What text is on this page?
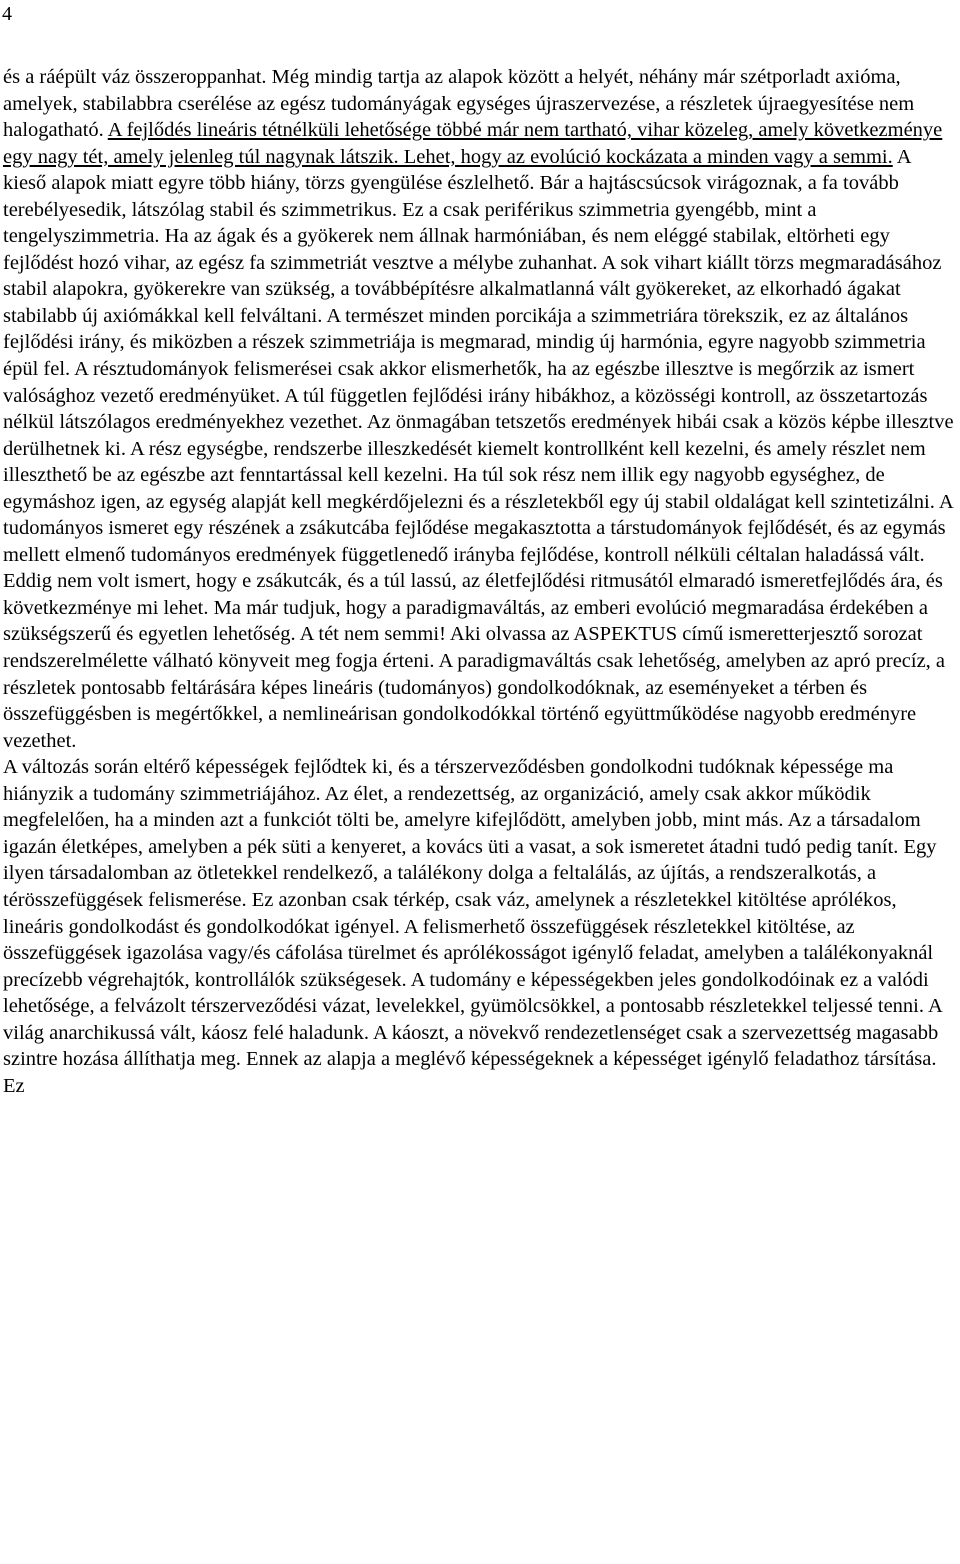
4

és a ráépült váz összeroppanhat. Még mindig tartja az alapok között a helyét, néhány már szétporladt axióma, amelyek, stabilabbra cserélése az egész tudományágak egységes újraszervezése, a részletek újraegyesítése nem halogatható. A fejlődés lineáris tétnélküli lehetősége többé már nem tartható, vihar közeleg, amely következménye egy nagy tét, amely jelenleg túl nagynak látszik. Lehet, hogy az evolúció kockázata a minden vagy a semmi. A kieső alapok miatt egyre több hiány, törzs gyengülése észlelhető. Bár a hajtáscsúcsok virágoznak, a fa tovább terebélyesedik, látszólag stabil és szimmetrikus. Ez a csak periférikus szimmetria gyengébb, mint a tengelyszimmetria. Ha az ágak és a gyökerek nem állnak harmóniában, és nem eléggé stabilak, eltörheti egy fejlődést hozó vihar, az egész fa szimmetriát vesztve a mélybe zuhanhat. A sok vihart kiállt törzs megmaradásához stabil alapokra, gyökerekre van szükség, a továbbépítésre alkalmatlanná vált gyökereket, az elkorhadó ágakat stabilabb új axiómákkal kell felváltani. A természet minden porcikája a szimmetriára törekszik, ez az általános fejlődési irány, és miközben a részek szimmetriája is megmarad, mindig új harmónia, egyre nagyobb szimmetria épül fel. A résztudományok felismerései csak akkor elismerhetők, ha az egészbe illesztve is megőrzik az ismert valósághoz vezető eredményüket. A túl független fejlődési irány hibákhoz, a közösségi kontroll, az összetartozás nélkül látszólagos eredményekhez vezethet. Az önmagában tetszetős eredmények hibái csak a közös képbe illesztve derülhetnek ki. A rész egységbe, rendszerbe illeszkedését kiemelt kontrollként kell kezelni, és amely részlet nem illeszthető be az egészbe azt fenntartással kell kezelni. Ha túl sok rész nem illik egy nagyobb egységhez, de egymáshoz igen, az egység alapját kell megkérdőjelezni és a részletekből egy új stabil oldalágat kell szintetizálni. A tudományos ismeret egy részének a zsákutcába fejlődése megakasztotta a társtudományok fejlődését, és az egymás mellett elmenő tudományos eredmények függetlenedő irányba fejlődése, kontroll nélküli céltalan haladássá vált. Eddig nem volt ismert, hogy e zsákutcák, és a túl lassú, az életfejlődési ritmusától elmaradó ismeretfejlődés ára, és következménye mi lehet. Ma már tudjuk, hogy a paradigmaváltás, az emberi evolúció megmaradása érdekében a szükségszerű és egyetlen lehetőség. A tét nem semmi! Aki olvassa az ASPEKTUS című ismeretterjesztő sorozat rendszerelmélette válható könyveit meg fogja érteni. A paradigmaváltás csak lehetőség, amelyben az apró precíz, a részletek pontosabb feltárására képes lineáris (tudományos) gondolkodóknak, az eseményeket a térben és összefüggésben is megértőkkel, a nemlineárisan gondolkodókkal történő együttműködése nagyobb eredményre vezethet.

A változás során eltérő képességek fejlődtek ki, és a térszerveződésben gondolkodni tudóknak képessége ma hiányzik a tudomány szimmetriájához. Az élet, a rendezettség, az organizáció, amely csak akkor működik megfelelően, ha a minden azt a funkciót tölti be, amelyre kifejlődött, amelyben jobb, mint más. Az a társadalom igazán életképes, amelyben a pék süti a kenyeret, a kovács üti a vasat, a sok ismeretet átadni tudó pedig tanít. Egy ilyen társadalomban az ötletekkel rendelkező, a találékony dolga a feltalálás, az újítás, a rendszeralkotás, a térösszefüggések felismerése. Ez azonban csak térkép, csak váz, amelynek a részletekkel kitöltése aprólékos, lineáris gondolkodást és gondolkodókat igényel. A felismerhető összefüggések részletekkel kitöltése, az összefüggések igazolása vagy/és cáfolása türelmet és aprólékosságot igénylő feladat, amelyben a találékonyaknál precízebb végrehajtók, kontrollálók szükségesek. A tudomány e képességekben jeles gondolkodóinak ez a valódi lehetősége, a felvázolt térszerveződési vázat, levelekkel, gyümölcsökkel, a pontosabb részletekkel teljessé tenni. A világ anarchikussá vált, káosz felé haladunk. A káoszt, a növekvő rendezetlenséget csak a szervezettség magasabb szintre hozása állíthatja meg. Ennek az alapja a meglévő képességeknek a képességet igénylő feladathoz társítása. Ez
